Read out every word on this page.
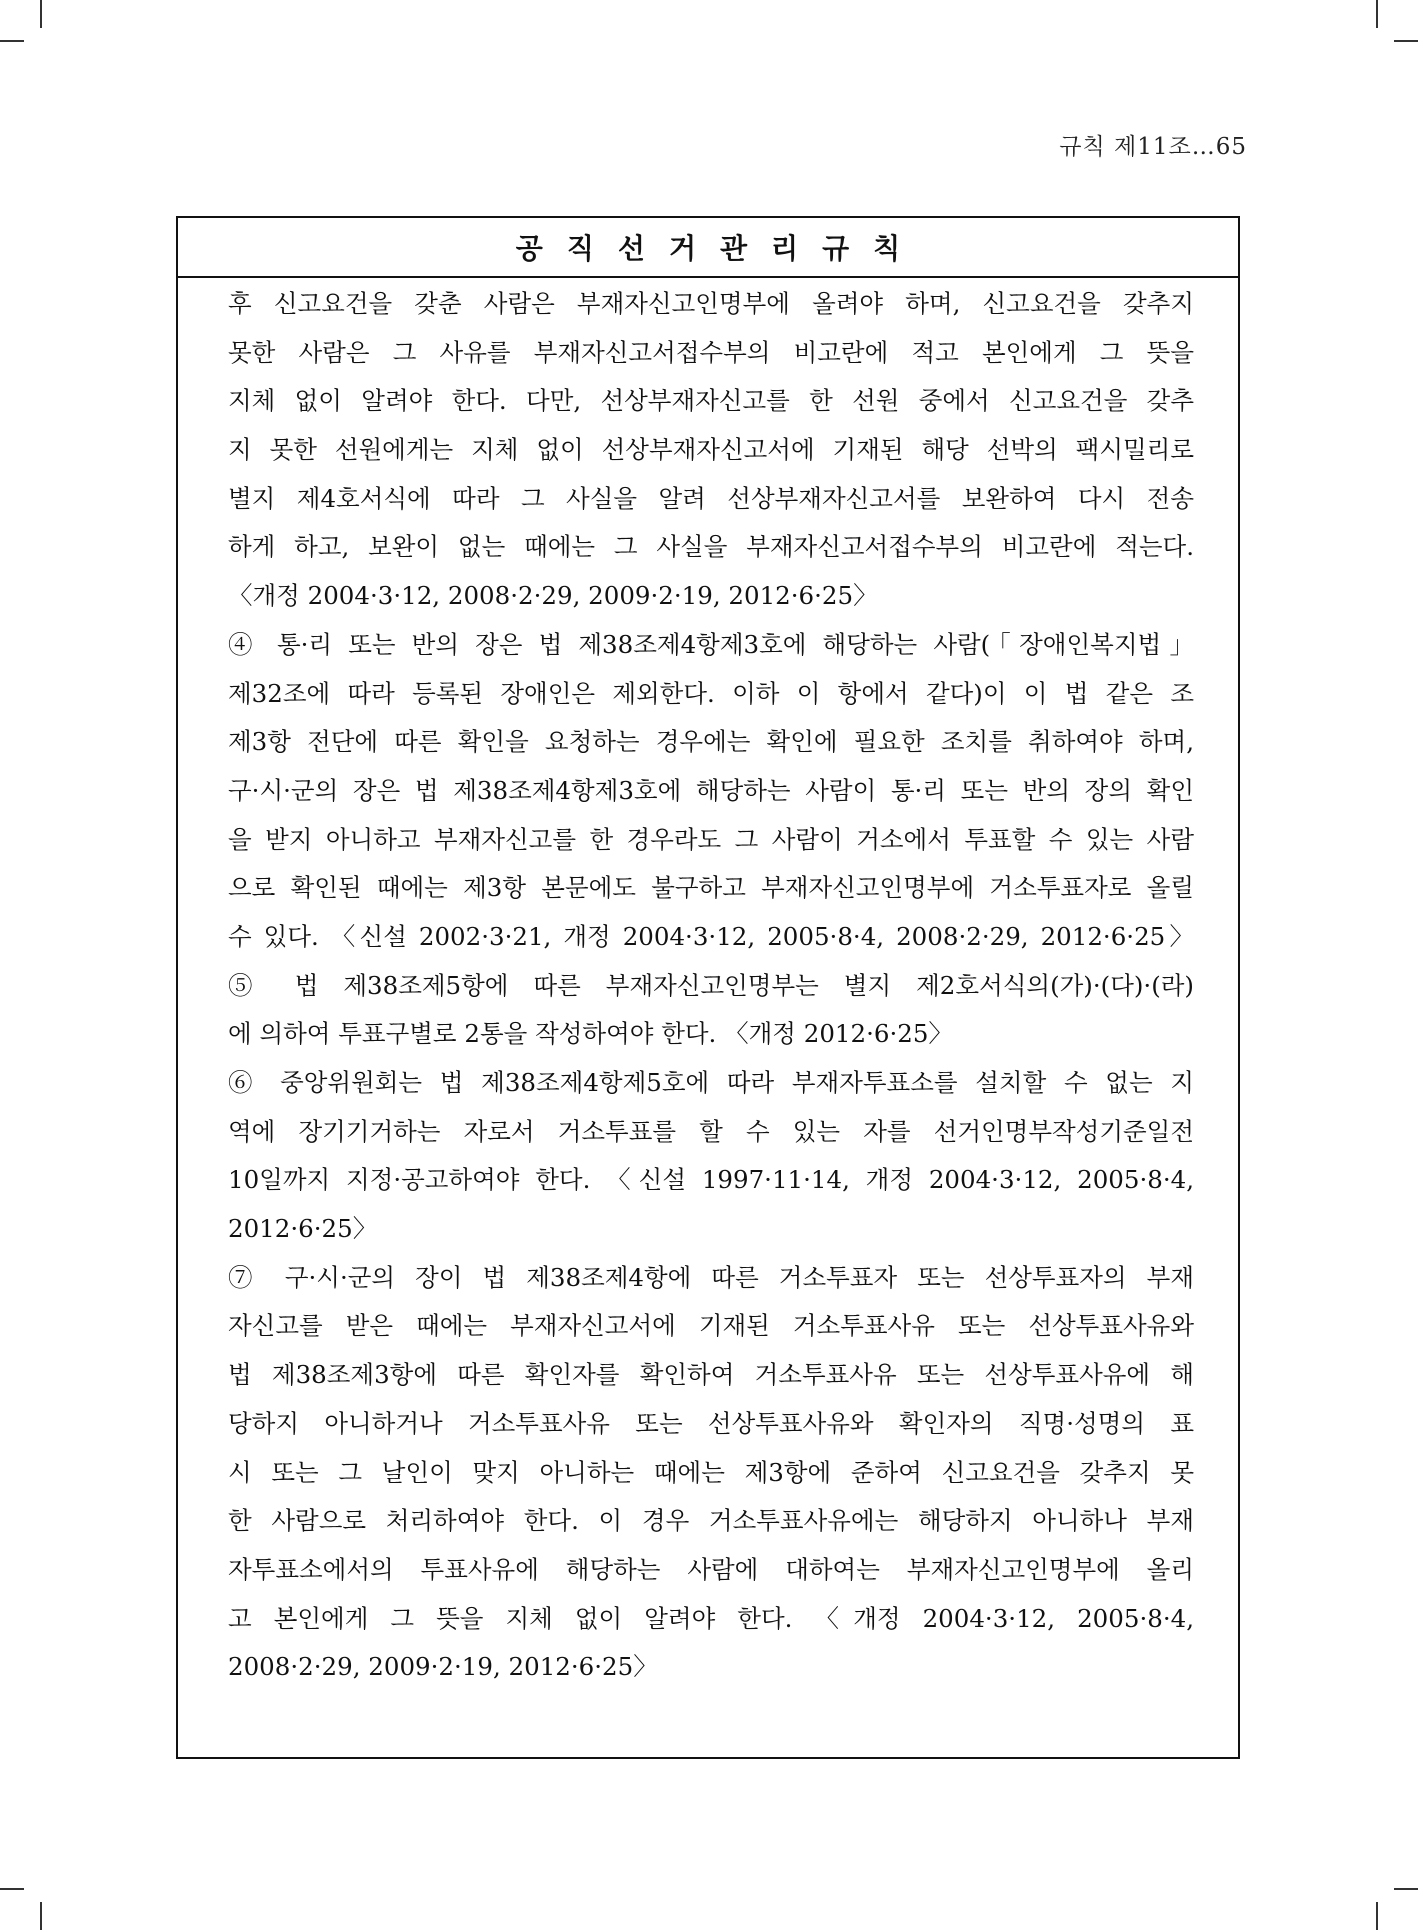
규칙 제11조…65
공직선거관리규칙
후 신고요건을 갖춘 사람은 부재자신고인명부에 올려야 하며, 신고요건을 갖추지
못한 사람은 그 사유를 부재자신고서접수부의 비고란에 적고 본인에게 그 뜻을
지체 없이 알려야 한다. 다만, 선상부재자신고를 한 선원 중에서 신고요건을 갖추
지 못한 선원에게는 지체 없이 선상부재자신고서에 기재된 해당 선박의 팩시밀리로
별지 제4호서식에 따라 그 사실을 알려 선상부재자신고서를 보완하여 다시 전송
하게 하고, 보완이 없는 때에는 그 사실을 부재자신고서접수부의 비고란에 적는다.
〈개정 2004·3·12, 2008·2·29, 2009·2·19, 2012·6·25〉
④ 통·리 또는 반의 장은 법 제38조제4항제3호에 해당하는 사람(「장애인복지법」
제32조에 따라 등록된 장애인은 제외한다. 이하 이 항에서 같다)이 이 법 같은 조
제3항 전단에 따른 확인을 요청하는 경우에는 확인에 필요한 조치를 취하여야 하며,
구·시·군의 장은 법 제38조제4항제3호에 해당하는 사람이 통·리 또는 반의 장의 확인
을 받지 아니하고 부재자신고를 한 경우라도 그 사람이 거소에서 투표할 수 있는 사람
으로 확인된 때에는 제3항 본문에도 불구하고 부재자신고인명부에 거소투표자로 올릴
수 있다. 〈신설 2002·3·21, 개정 2004·3·12, 2005·8·4, 2008·2·29, 2012·6·25〉
⑤ 법 제38조제5항에 따른 부재자신고인명부는 별지 제2호서식의(가)·(다)·(라)
에 의하여 투표구별로 2통을 작성하여야 한다. 〈개정 2012·6·25〉
⑥ 중앙위원회는 법 제38조제4항제5호에 따라 부재자투표소를 설치할 수 없는 지
역에 장기기거하는 자로서 거소투표를 할 수 있는 자를 선거인명부작성기준일전
10일까지 지정·공고하여야 한다. 〈신설 1997·11·14, 개정 2004·3·12, 2005·8·4,
2012·6·25〉
⑦ 구·시·군의 장이 법 제38조제4항에 따른 거소투표자 또는 선상투표자의 부재
자신고를 받은 때에는 부재자신고서에 기재된 거소투표사유 또는 선상투표사유와
법 제38조제3항에 따른 확인자를 확인하여 거소투표사유 또는 선상투표사유에 해
당하지 아니하거나 거소투표사유 또는 선상투표사유와 확인자의 직명·성명의 표
시 또는 그 날인이 맞지 아니하는 때에는 제3항에 준하여 신고요건을 갖추지 못
한 사람으로 처리하여야 한다. 이 경우 거소투표사유에는 해당하지 아니하나 부재
자투표소에서의 투표사유에 해당하는 사람에 대하여는 부재자신고인명부에 올리
고 본인에게 그 뜻을 지체 없이 알려야 한다. 〈개정 2004·3·12, 2005·8·4,
2008·2·29, 2009·2·19, 2012·6·25〉
